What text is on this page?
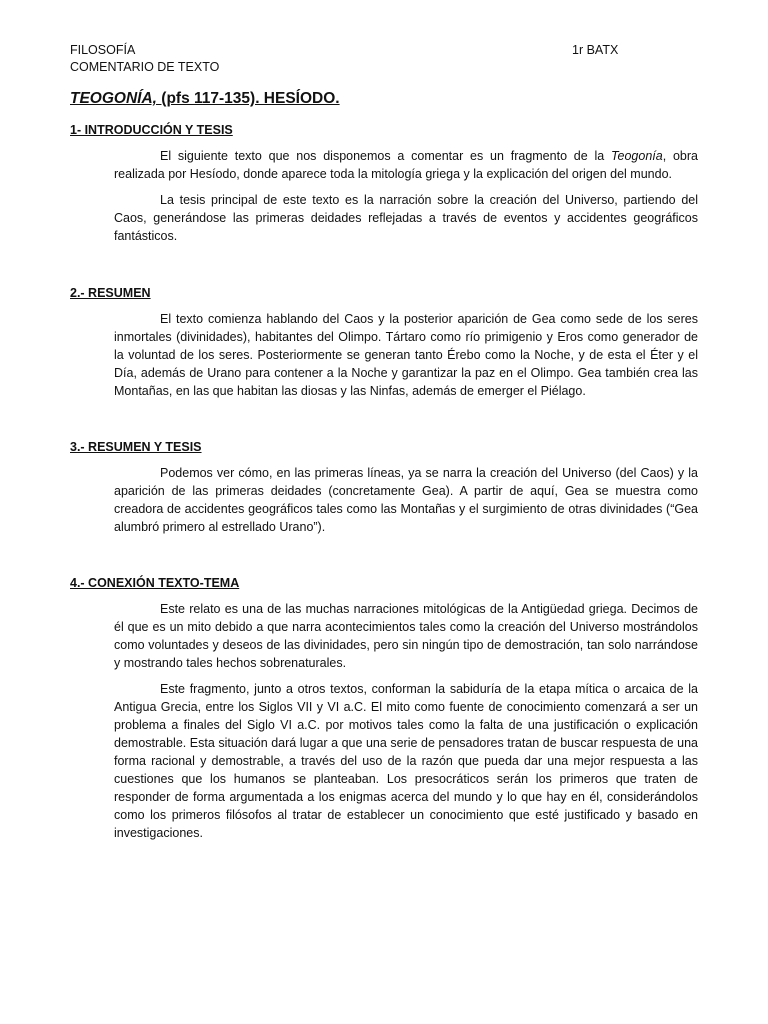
FILOSOFÍA
COMENTARIO DE TEXTO
1r BATX
TEOGONÍA, (pfs 117-135). HESÍODO.
1- INTRODUCCIÓN Y TESIS

El siguiente texto que nos disponemos a comentar es un fragmento de la Teogonía, obra realizada por Hesíodo, donde aparece toda la mitología griega y la explicación del origen del mundo.

La tesis principal de este texto es la narración sobre la creación del Universo, partiendo del Caos, generándose las primeras deidades reflejadas a través de eventos y accidentes geográficos fantásticos.

2.- RESUMEN

El texto comienza hablando del Caos y la posterior aparición de Gea como sede de los seres inmortales (divinidades), habitantes del Olimpo. Tártaro como río primigenio y Eros como generador de la voluntad de los seres. Posteriormente se generan tanto Érebo como la Noche, y de esta el Éter y el Día, además de Urano para contener a la Noche y garantizar la paz en el Olimpo. Gea también crea las Montañas, en las que habitan las diosas y las Ninfas, además de emerger el Piélago.

3.- RESUMEN Y TESIS

Podemos ver cómo, en las primeras líneas, ya se narra la creación del Universo (del Caos) y la aparición de las primeras deidades (concretamente Gea). A partir de aquí, Gea se muestra como creadora de accidentes geográficos tales como las Montañas y el surgimiento de otras divinidades (“Gea alumbró primero al estrellado Urano”).

4.- CONEXIÓN TEXTO-TEMA

Este relato es una de las muchas narraciones mitológicas de la Antigüedad griega. Decimos de él que es un mito debido a que narra acontecimientos tales como la creación del Universo mostrándolos como voluntades y deseos de las divinidades, pero sin ningún tipo de demostración, tan solo narrándose y mostrando tales hechos sobrenaturales.

Este fragmento, junto a otros textos, conforman la sabiduría de la etapa mítica o arcaica de la Antigua Grecia, entre los Siglos VII y VI a.C. El mito como fuente de conocimiento comenzará a ser un problema a finales del Siglo VI a.C. por motivos tales como la falta de una justificación o explicación demostrable. Esta situación dará lugar a que una serie de pensadores tratan de buscar respuesta de una forma racional y demostrable, a través del uso de la razón que pueda dar una mejor respuesta a las cuestiones que los humanos se planteaban. Los presocráticos serán los primeros que traten de responder de forma argumentada a los enigmas acerca del mundo y lo que hay en él, considerándolos como los primeros filósofos al tratar de establecer un conocimiento que esté justificado y basado en investigaciones.
